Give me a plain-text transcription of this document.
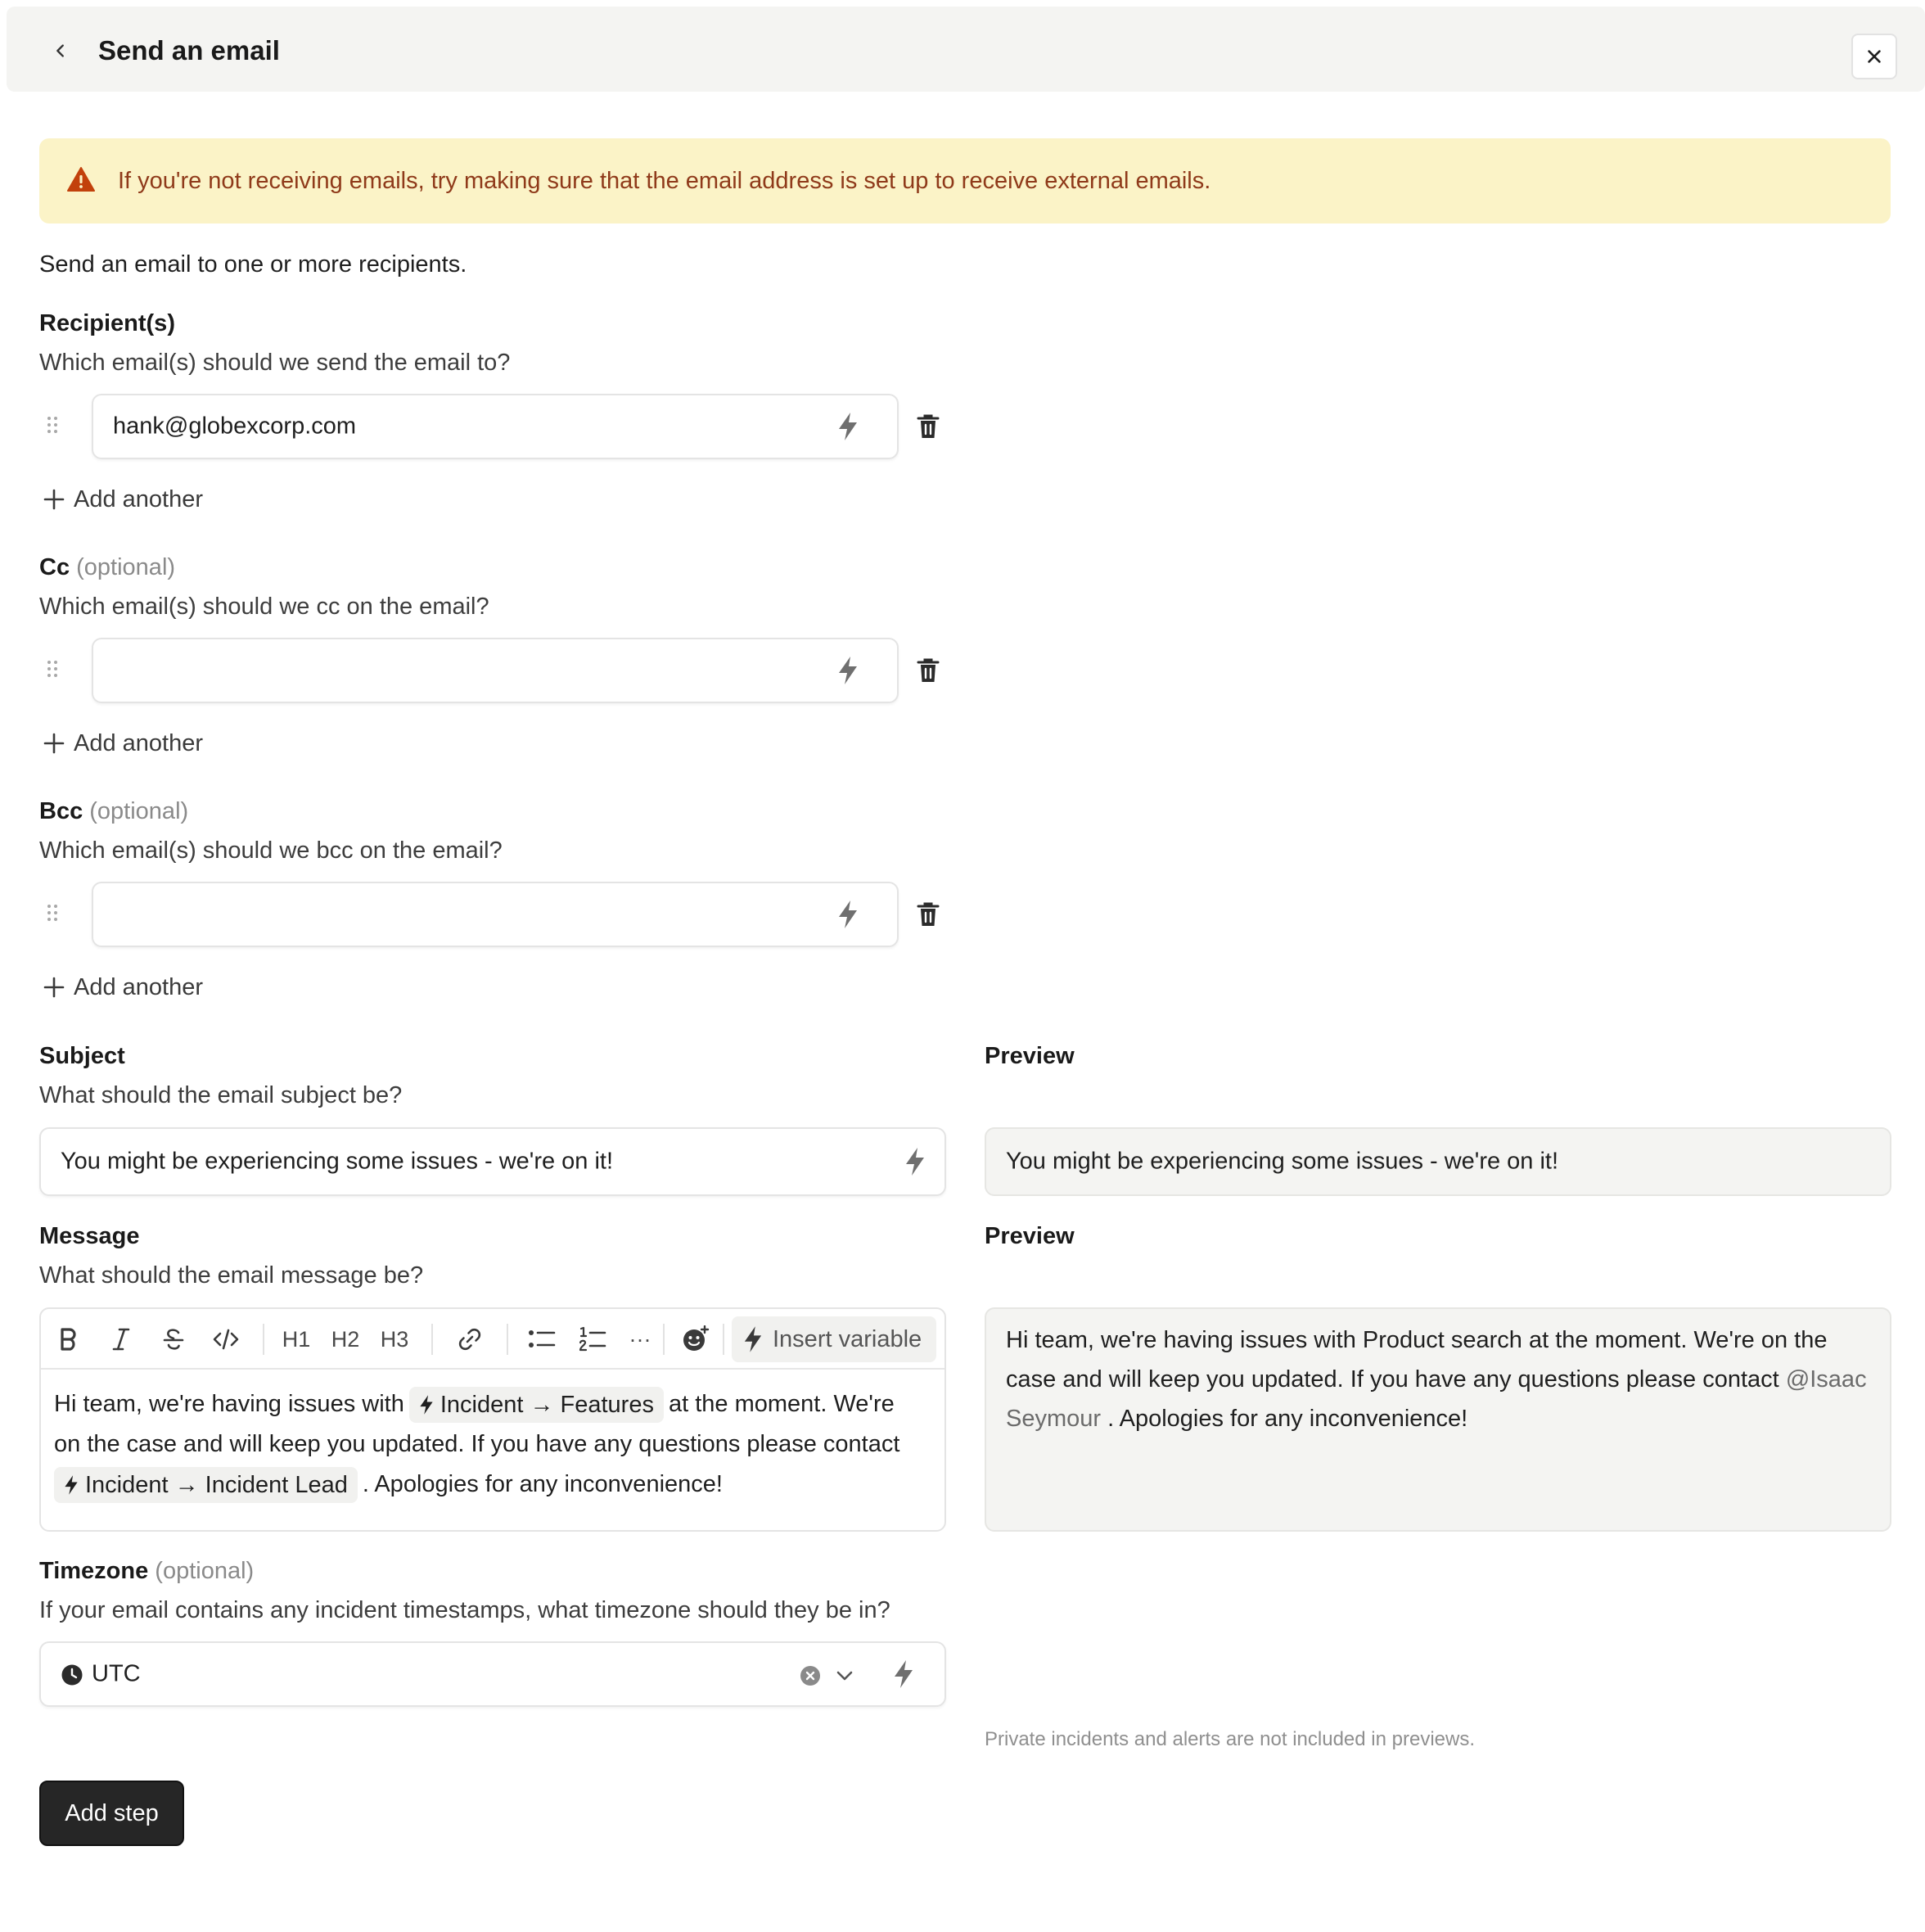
Send an email
If you're not receiving emails, try making sure that the email address is set up to receive external emails.
Send an email to one or more recipients.
Recipient(s)
Which email(s) should we send the email to?
hank@globexcorp.com
Add another
Cc (optional)
Which email(s) should we cc on the email?
Add another
Bcc (optional)
Which email(s) should we bcc on the email?
Add another
Subject
What should the email subject be?
You might be experiencing some issues - we're on it!
Preview
You might be experiencing some issues - we're on it!
Message
What should the email message be?
H1 H2 H3	···	Insert variable
Hi team, we're having issues with Incident → Features at the moment. We're on the case and will keep you updated. If you have any questions please contact
Incident → Incident Lead . Apologies for any inconvenience!
Preview
Hi team, we're having issues with Product search at the moment. We're on the case and will keep you updated. If you have any questions please contact @Isaac Seymour . Apologies for any inconvenience!
Timezone (optional)
If your email contains any incident timestamps, what timezone should they be in?
UTC
Private incidents and alerts are not included in previews.
Add step
